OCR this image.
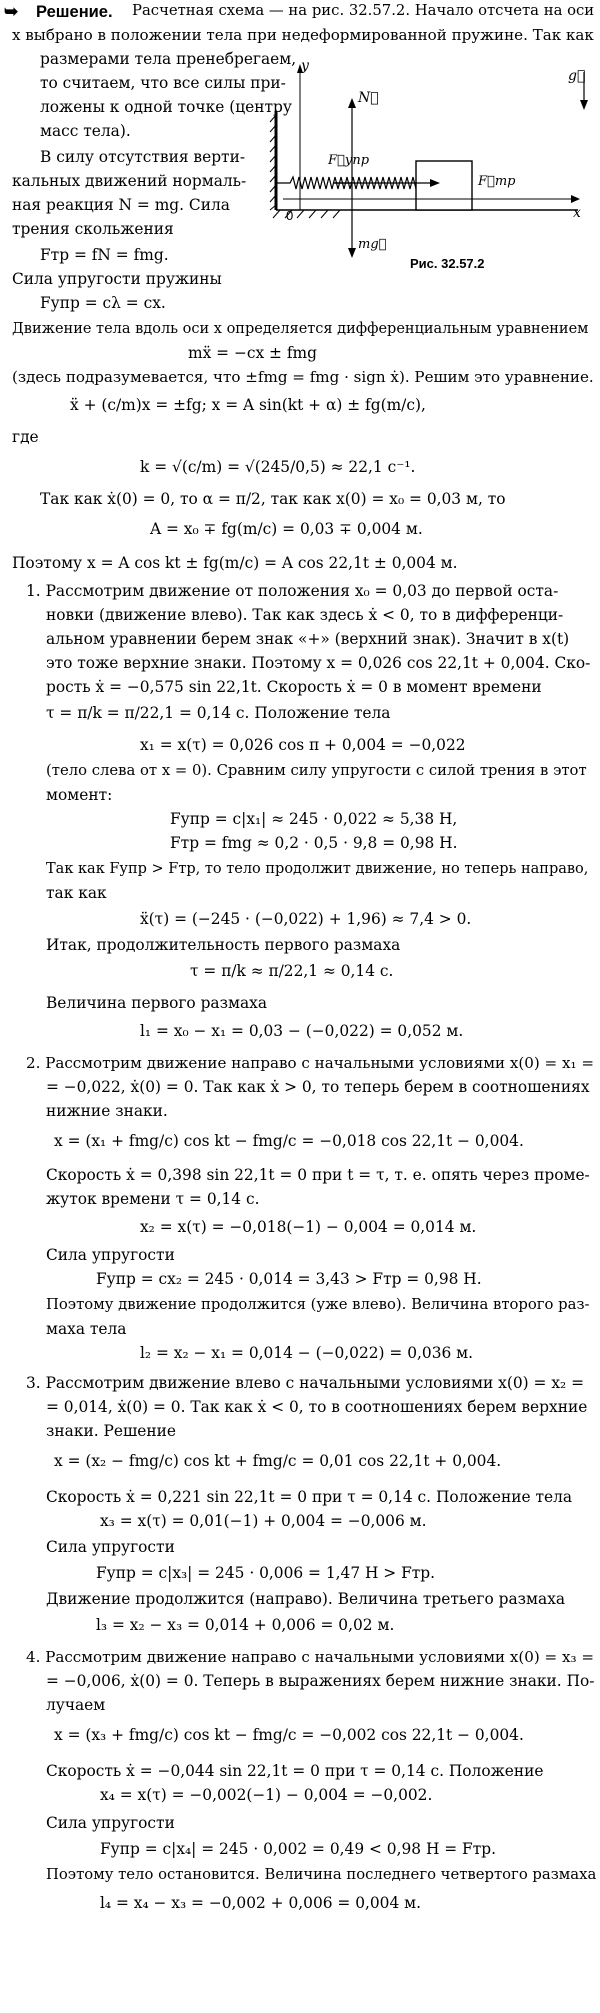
➥ Решение. Расчетная схема — на рис. 32.57.2. Начало отсчета на оси
x выбрано в положении тела при недеформированной пружине. Так как
размерами тела пренебрегаем,
то считаем, что все силы при-
ложены к одной точке (центру
масс тела).
В силу отсутствия верти-
кальных движений нормаль-
ная реакция N = mg. Сила
трения скольжения
Fтр = fN = fmg.
Сила упругости пружины
Fупр = cλ = cx.
Движение тела вдоль оси x определяется дифференциальным уравнением
mẍ = −cx ± fmg
(здесь подразумевается, что ±fmg = fmg · sign ẋ). Решим это уравнение.
ẍ + (c/m)x = ±fg; x = A sin(kt + α) ± fg(m/c),
где
k = √(c/m) = √(245/0,5) ≈ 22,1 с⁻¹.
Так как ẋ(0) = 0, то α = π/2, так как x(0) = x₀ = 0,03 м, то
A = x₀ ∓ fg(m/c) = 0,03 ∓ 0,004 м.
Поэтому x = A cos kt ± fg(m/c) = A cos 22,1t ± 0,004 м.
1. Рассмотрим движение от положения x₀ = 0,03 до первой оста-
новки (движение влево). Так как здесь ẋ < 0, то в дифференци-
альном уравнении берем знак «+» (верхний знак). Значит в x(t)
это тоже верхние знаки. Поэтому x = 0,026 cos 22,1t + 0,004. Ско-
рость ẋ = −0,575 sin 22,1t. Скорость ẋ = 0 в момент времени
τ = π/k = π/22,1 = 0,14 с. Положение тела
x₁ = x(τ) = 0,026 cos π + 0,004 = −0,022
(тело слева от x = 0). Сравним силу упругости с силой трения в этот
момент:
Fупр = c|x₁| ≈ 245 · 0,022 ≈ 5,38 Н,
Fтр = fmg ≈ 0,2 · 0,5 · 9,8 = 0,98 Н.
Так как Fупр > Fтр, то тело продолжит движение, но теперь направо,
так как
ẍ(τ) = (−245 · (−0,022) + 1,96) ≈ 7,4 > 0.
Итак, продолжительность первого размаха
τ = π/k ≈ π/22,1 ≈ 0,14 с.
Величина первого размаха
l₁ = x₀ − x₁ = 0,03 − (−0,022) = 0,052 м.
2. Рассмотрим движение направо с начальными условиями x(0) = x₁ =
= −0,022, ẋ(0) = 0. Так как ẋ > 0, то теперь берем в соотношениях
нижние знаки.
x = (x₁ + fmg/c) cos kt − fmg/c = −0,018 cos 22,1t − 0,004.
Скорость ẋ = 0,398 sin 22,1t = 0 при t = τ, т. е. опять через проме-
жуток времени τ = 0,14 с.
x₂ = x(τ) = −0,018(−1) − 0,004 = 0,014 м.
Сила упругости
Fупр = cx₂ = 245 · 0,014 = 3,43 > Fтр = 0,98 Н.
Поэтому движение продолжится (уже влево). Величина второго раз-
маха тела
l₂ = x₂ − x₁ = 0,014 − (−0,022) = 0,036 м.
3. Рассмотрим движение влево с начальными условиями x(0) = x₂ =
= 0,014, ẋ(0) = 0. Так как ẋ < 0, то в соотношениях берем верхние
знаки. Решение
x = (x₂ − fmg/c) cos kt + fmg/c = 0,01 cos 22,1t + 0,004.
Скорость ẋ = 0,221 sin 22,1t = 0 при τ = 0,14 с. Положение тела
x₃ = x(τ) = 0,01(−1) + 0,004 = −0,006 м.
Сила упругости
Fупр = c|x₃| = 245 · 0,006 = 1,47 Н > Fтр.
Движение продолжится (направо). Величина третьего размаха
l₃ = x₂ − x₃ = 0,014 + 0,006 = 0,02 м.
4. Рассмотрим движение направо с начальными условиями x(0) = x₃ =
= −0,006, ẋ(0) = 0. Теперь в выражениях берем нижние знаки. По-
лучаем
x = (x₃ + fmg/c) cos kt − fmg/c = −0,002 cos 22,1t − 0,004.
Скорость ẋ = −0,044 sin 22,1t = 0 при τ = 0,14 с. Положение
x₄ = x(τ) = −0,002(−1) − 0,004 = −0,002.
Сила упругости
Fупр = c|x₄| = 245 · 0,002 = 0,49 < 0,98 Н = Fтр.
Поэтому тело остановится. Величина последнего четвертого размаха
l₄ = x₄ − x₃ = −0,002 + 0,006 = 0,004 м.
y
g⃗
N⃗
F⃗упр
F⃗тр
x
0
mg⃗
Рис. 32.57.2
